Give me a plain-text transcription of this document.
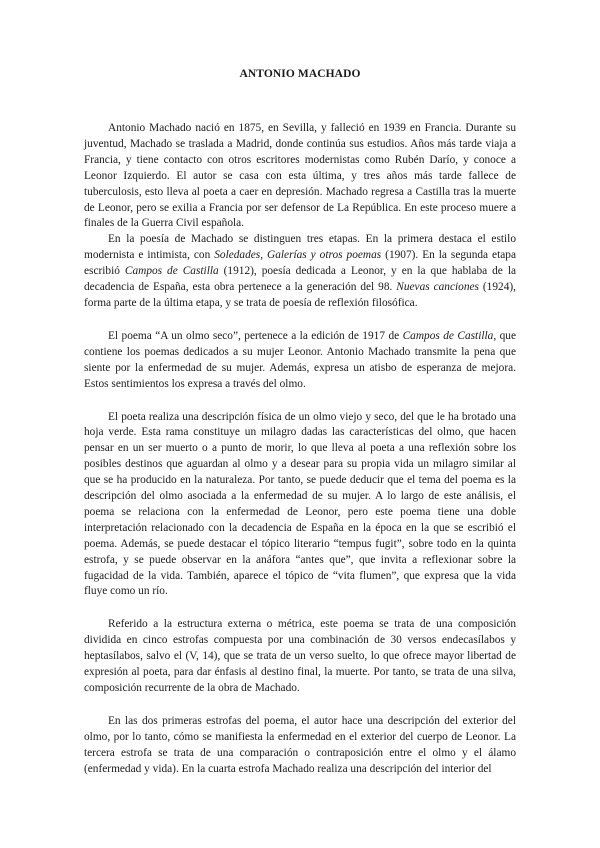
ANTONIO MACHADO

Antonio Machado nació en 1875, en Sevilla, y falleció en 1939 en Francia. Durante su juventud, Machado se traslada a Madrid, donde continúa sus estudios. Años más tarde viaja a Francia, y tiene contacto con otros escritores modernistas como Rubén Darío, y conoce a Leonor Izquierdo. El autor se casa con esta última, y tres años más tarde fallece de tuberculosis, esto lleva al poeta a caer en depresión. Machado regresa a Castilla tras la muerte de Leonor, pero se exilia a Francia por ser defensor de La República. En este proceso muere a finales de la Guerra Civil española.

En la poesía de Machado se distinguen tres etapas. En la primera destaca el estilo modernista e intimista, con Soledades, Galerías y otros poemas (1907). En la segunda etapa escribió Campos de Castilla (1912), poesía dedicada a Leonor, y en la que hablaba de la decadencia de España, esta obra pertenece a la generación del 98. Nuevas canciones (1924), forma parte de la última etapa, y se trata de poesía de reflexión filosófica.

El poema “A un olmo seco”, pertenece a la edición de 1917 de Campos de Castilla, que contiene los poemas dedicados a su mujer Leonor. Antonio Machado transmite la pena que siente por la enfermedad de su mujer. Además, expresa un atisbo de esperanza de mejora. Estos sentimientos los expresa a través del olmo.

El poeta realiza una descripción física de un olmo viejo y seco, del que le ha brotado una hoja verde. Esta rama constituye un milagro dadas las características del olmo, que hacen pensar en un ser muerto o a punto de morir, lo que lleva al poeta a una reflexión sobre los posibles destinos que aguardan al olmo y a desear para su propia vida un milagro similar al que se ha producido en la naturaleza. Por tanto, se puede deducir que el tema del poema es la descripción del olmo asociada a la enfermedad de su mujer. A lo largo de este análisis, el poema se relaciona con la enfermedad de Leonor, pero este poema tiene una doble interpretación relacionado con la decadencia de España en la época en la que se escribió el poema. Además, se puede destacar el tópico literario “tempus fugit”, sobre todo en la quinta estrofa, y se puede observar en la anáfora “antes que”, que invita a reflexionar sobre la fugacidad de la vida. También, aparece el tópico de “vita flumen”, que expresa que la vida fluye como un río.

Referido a la estructura externa o métrica, este poema se trata de una composición dividida en cinco estrofas compuesta por una combinación de 30 versos endecasílabos y heptasílabos, salvo el (V, 14), que se trata de un verso suelto, lo que ofrece mayor libertad de expresión al poeta, para dar énfasis al destino final, la muerte. Por tanto, se trata de una silva, composición recurrente de la obra de Machado.

En las dos primeras estrofas del poema, el autor hace una descripción del exterior del olmo, por lo tanto, cómo se manifiesta la enfermedad en el exterior del cuerpo de Leonor. La tercera estrofa se trata de una comparación o contraposición entre el olmo y el álamo (enfermedad y vida). En la cuarta estrofa Machado realiza una descripción del interior del
